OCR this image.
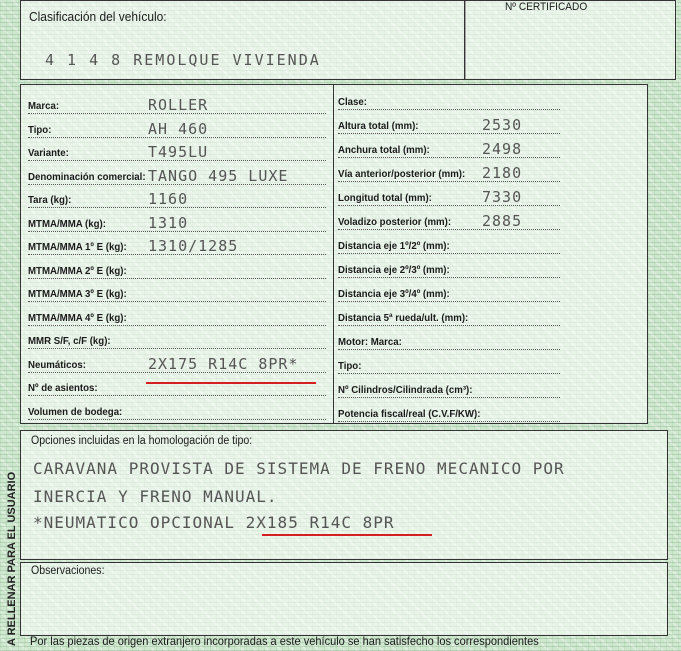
Clasificación del vehículo:
4 1 4 8 REMOLQUE VIVIENDA
Nº CERTIFICADO
Marca:	ROLLER
Tipo:	AH 460
Variante:	T495LU
Denominación comercial: TANGO 495 LUXE
Tara (kg):	1160
MTMA/MMA (kg):	1310
MTMA/MMA 1º E (kg): 1310/1285
MTMA/MMA 2º E (kg):
MTMA/MMA 3º E (kg):
MTMA/MMA 4º E (kg):
MMR S/F, c/F (kg):
Neumáticos:	2X175 R14C 8PR*
Nº de asientos:
Volumen de bodega:
Clase:
Altura total (mm):	2530
Anchura total (mm):	2498
Vía anterior/posterior (mm): 2180
Longitud total (mm):	7330
Voladizo posterior (mm): 2885
Distancia eje 1º/2º (mm):
Distancia eje 2º/3º (mm):
Distancia eje 3º/4º (mm):
Distancia 5ª rueda/ult. (mm):
Motor: Marca:
Tipo:
Nº Cilindros/Cilindrada (cm³):
Potencia fiscal/real (C.V.F/KW):
Opciones incluidas en la homologación de tipo:
CARAVANA PROVISTA DE SISTEMA DE FRENO MECANICO POR
INERCIA Y FRENO MANUAL.
*NEUMATICO OPCIONAL 2X185 R14C 8PR
Observaciones:
Por las piezas de origen extranjero incorporadas a este vehículo se han satisfecho los correspondientes
A RELLENAR PARA EL USUARIO
